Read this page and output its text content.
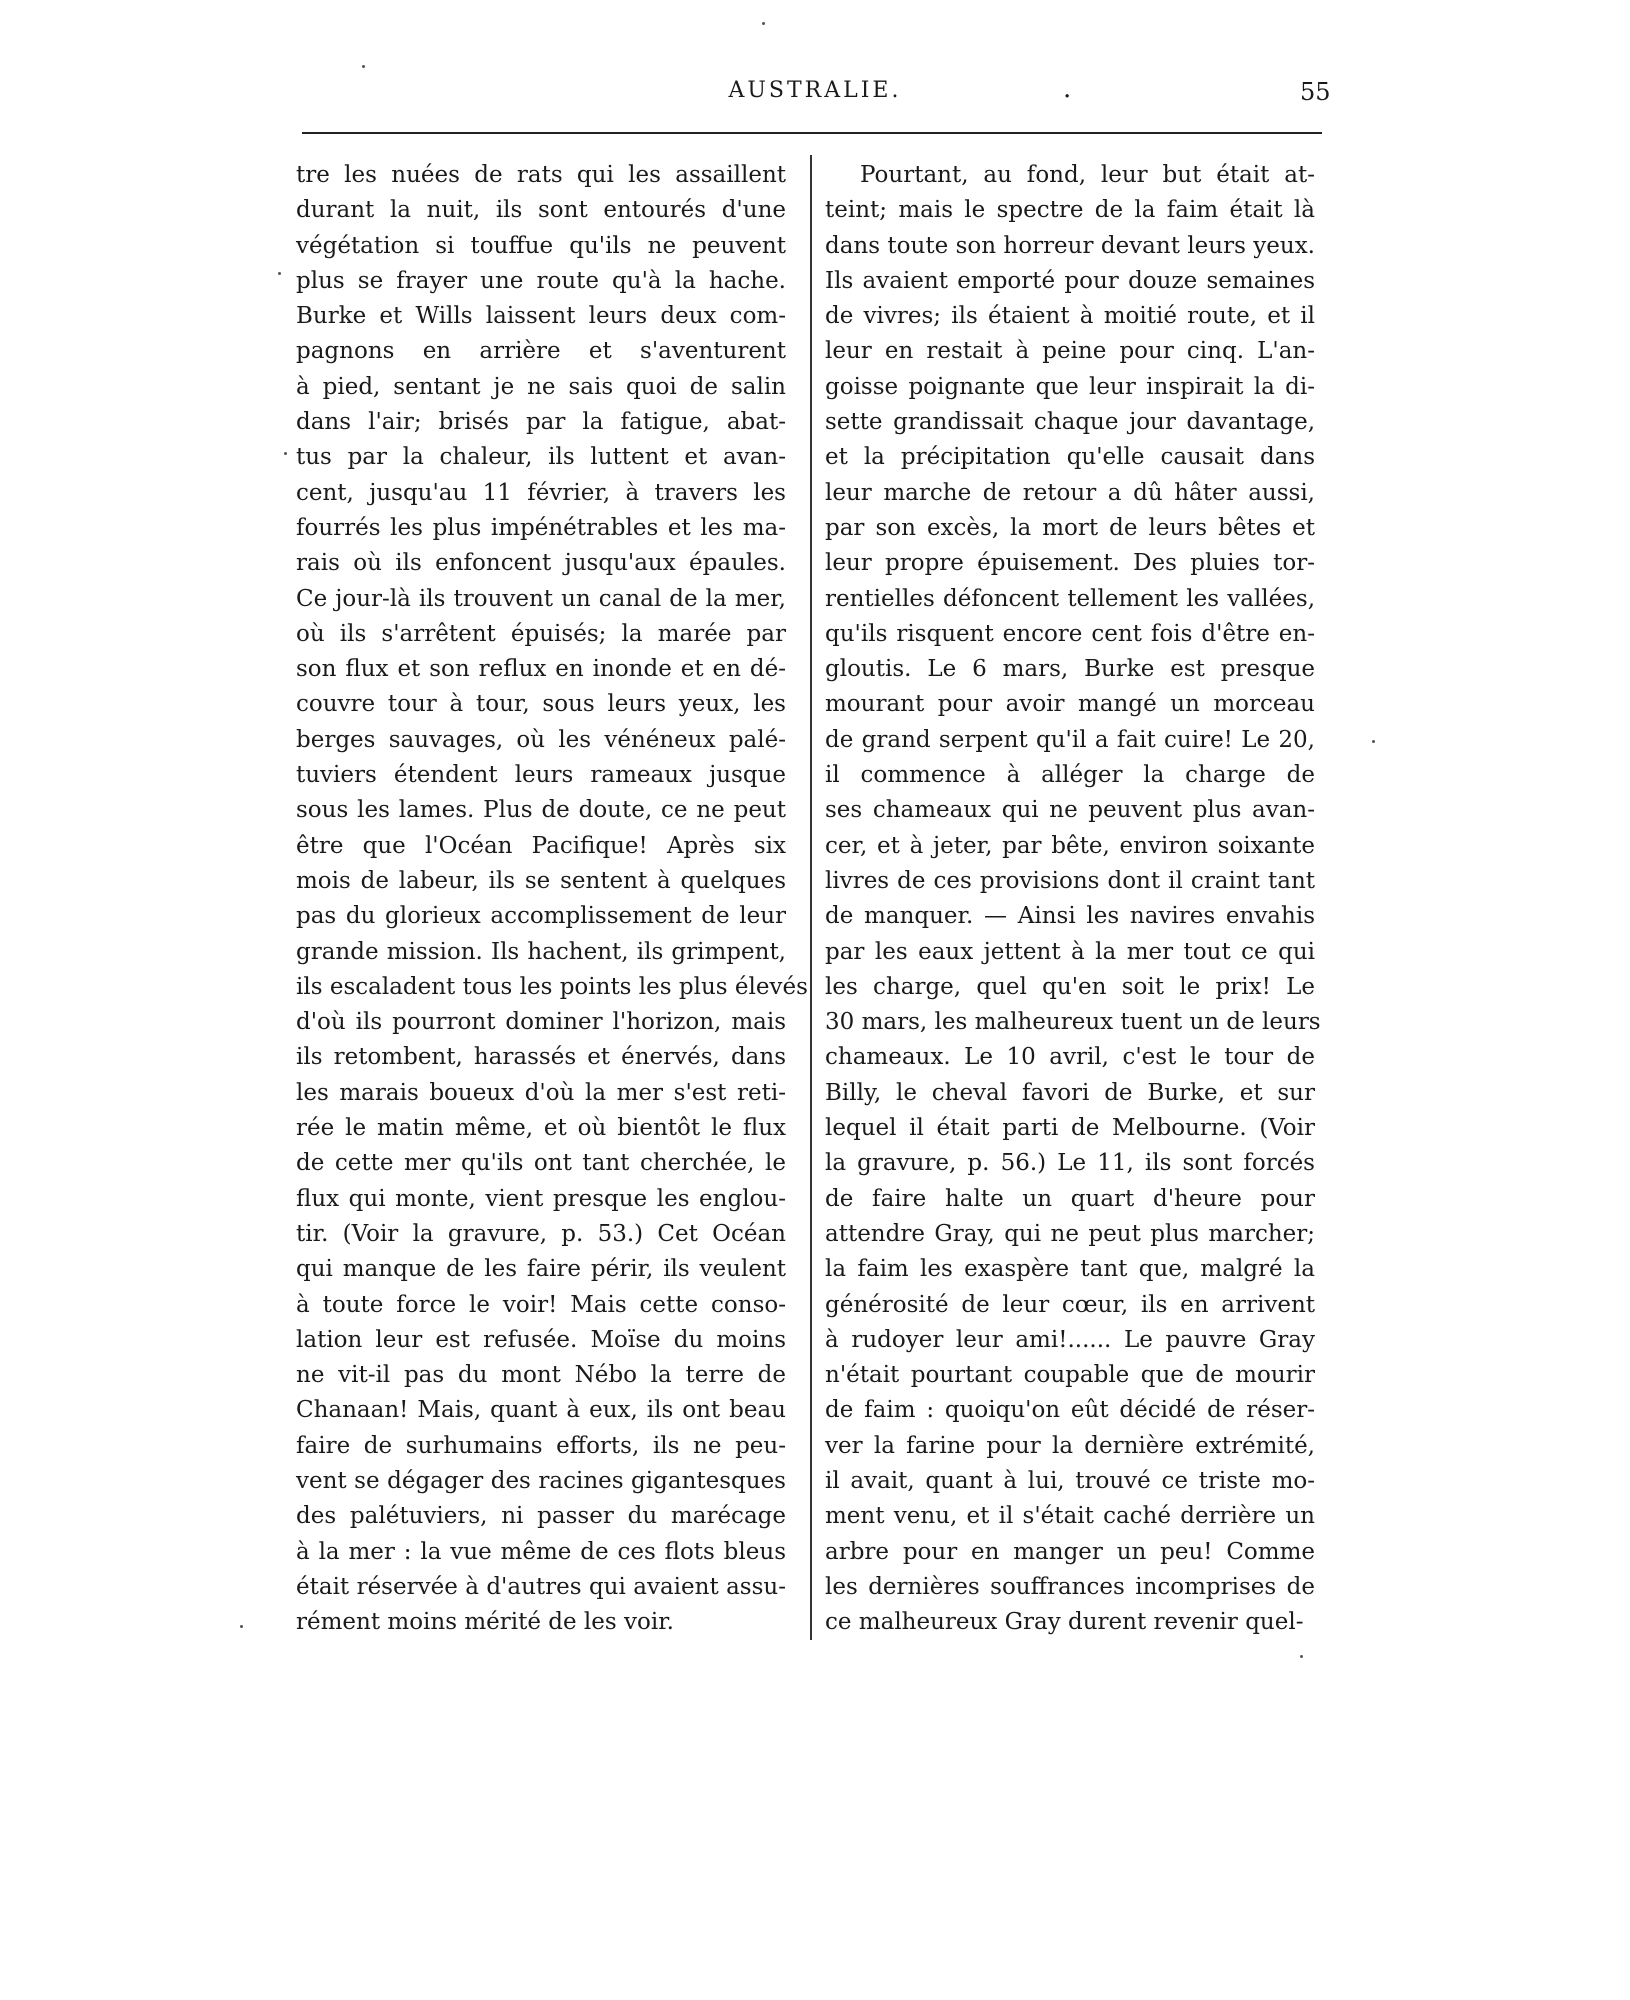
AUSTRALIE.	.	55
tre les nuées de rats qui les assaillent
durant la nuit, ils sont entourés d'une
végétation si touffue qu'ils ne peuvent
plus se frayer une route qu'à la hache.
Burke et Wills laissent leurs deux com-
pagnons en arrière et s'aventurent
à pied, sentant je ne sais quoi de salin
dans l'air; brisés par la fatigue, abat-
tus par la chaleur, ils luttent et avan-
cent, jusqu'au 11 février, à travers les
fourrés les plus impénétrables et les ma-
rais où ils enfoncent jusqu'aux épaules.
Ce jour-là ils trouvent un canal de la mer,
où ils s'arrêtent épuisés; la marée par
son flux et son reflux en inonde et en dé-
couvre tour à tour, sous leurs yeux, les
berges sauvages, où les vénéneux palé-
tuviers étendent leurs rameaux jusque
sous les lames. Plus de doute, ce ne peut
être que l'Océan Pacifique! Après six
mois de labeur, ils se sentent à quelques
pas du glorieux accomplissement de leur
grande mission. Ils hachent, ils grimpent,
ils escaladent tous les points les plus élevés
d'où ils pourront dominer l'horizon, mais
ils retombent, harassés et énervés, dans
les marais boueux d'où la mer s'est reti-
rée le matin même, et où bientôt le flux
de cette mer qu'ils ont tant cherchée, le
flux qui monte, vient presque les englou-
tir. (Voir la gravure, p. 53.) Cet Océan
qui manque de les faire périr, ils veulent
à toute force le voir! Mais cette conso-
lation leur est refusée. Moïse du moins
ne vit-il pas du mont Nébo la terre de
Chanaan! Mais, quant à eux, ils ont beau
faire de surhumains efforts, ils ne peu-
vent se dégager des racines gigantesques
des palétuviers, ni passer du marécage
à la mer : la vue même de ces flots bleus
était réservée à d'autres qui avaient assu-
rément moins mérité de les voir.
Pourtant, au fond, leur but était at-
teint; mais le spectre de la faim était là
dans toute son horreur devant leurs yeux.
Ils avaient emporté pour douze semaines
de vivres; ils étaient à moitié route, et il
leur en restait à peine pour cinq. L'an-
goisse poignante que leur inspirait la di-
sette grandissait chaque jour davantage,
et la précipitation qu'elle causait dans
leur marche de retour a dû hâter aussi,
par son excès, la mort de leurs bêtes et
leur propre épuisement. Des pluies tor-
rentielles défoncent tellement les vallées,
qu'ils risquent encore cent fois d'être en-
gloutis. Le 6 mars, Burke est presque
mourant pour avoir mangé un morceau
de grand serpent qu'il a fait cuire! Le 20,
il commence à alléger la charge de
ses chameaux qui ne peuvent plus avan-
cer, et à jeter, par bête, environ soixante
livres de ces provisions dont il craint tant
de manquer. — Ainsi les navires envahis
par les eaux jettent à la mer tout ce qui
les charge, quel qu'en soit le prix! Le
30 mars, les malheureux tuent un de leurs
chameaux. Le 10 avril, c'est le tour de
Billy, le cheval favori de Burke, et sur
lequel il était parti de Melbourne. (Voir
la gravure, p. 56.) Le 11, ils sont forcés
de faire halte un quart d'heure pour
attendre Gray, qui ne peut plus marcher;
la faim les exaspère tant que, malgré la
générosité de leur cœur, ils en arrivent
à rudoyer leur ami!...... Le pauvre Gray
n'était pourtant coupable que de mourir
de faim : quoiqu'on eût décidé de réser-
ver la farine pour la dernière extrémité,
il avait, quant à lui, trouvé ce triste mo-
ment venu, et il s'était caché derrière un
arbre pour en manger un peu! Comme
les dernières souffrances incomprises de
ce malheureux Gray durent revenir quel-
